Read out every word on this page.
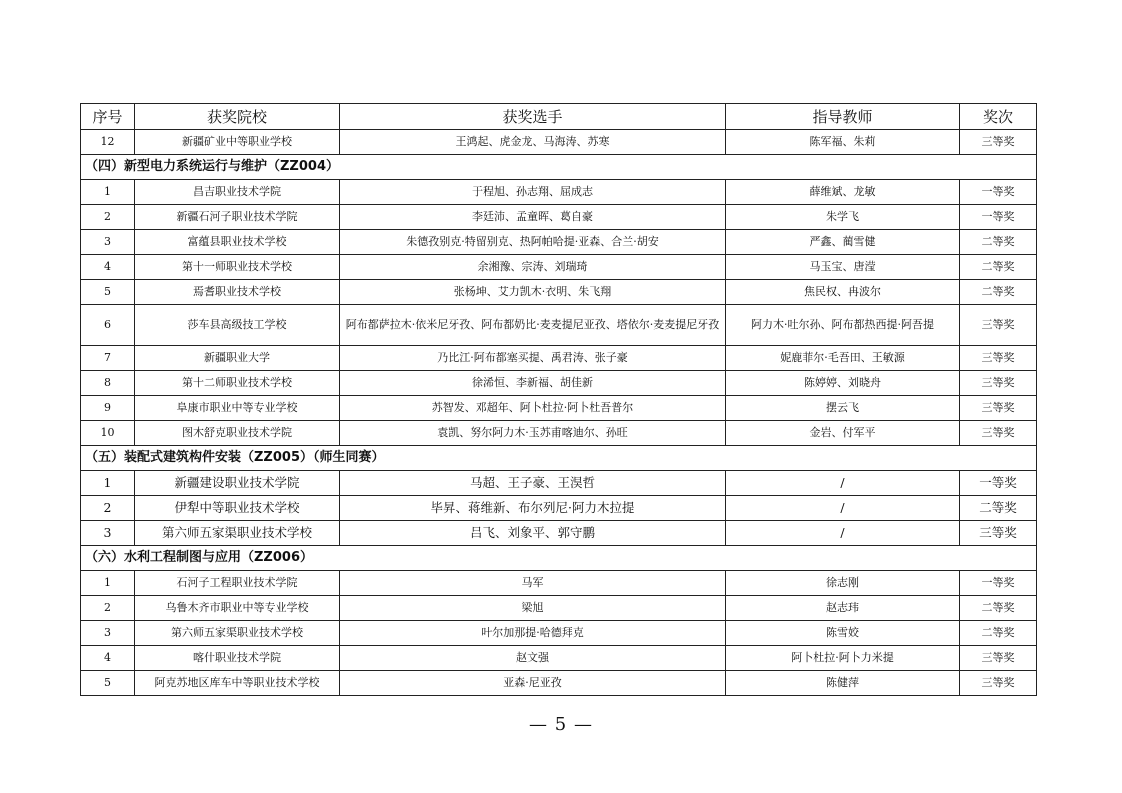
序号	获奖院校	获奖选手	指导教师	奖次
12	新疆矿业中等职业学校	王鸿起、虎金龙、马海涛、苏寒	陈军福、朱莉	三等奖
（四）新型电力系统运行与维护（ZZ004）				
1	昌吉职业技术学院	于程旭、孙志翔、屈成志	薛维斌、龙敏	一等奖
2	新疆石河子职业技术学院	李廷沛、孟童晖、葛自豪	朱学飞	一等奖
3	富蕴县职业技术学校	朱德孜别克·特留别克、热阿帕哈提·亚森、合兰·胡安	严鑫、蔺雪健	二等奖
4	第十一师职业技术学校	余湘豫、宗涛、刘瑞琦	马玉宝、唐滢	二等奖
5	焉耆职业技术学校	张杨坤、艾力凯木·衣明、朱飞翔	焦民权、冉波尔	二等奖
6	莎车县高级技工学校	阿布都萨拉木·依米尼牙孜、阿布都奶比·麦麦提尼亚孜、塔依尔·麦麦提尼牙孜	阿力木·吐尔孙、阿布都热西提·阿吾提	三等奖
7	新疆职业大学	乃比江·阿布都塞买提、禹君涛、张子豪	妮鹿菲尔·毛吾田、王敏源	三等奖
8	第十二师职业技术学校	徐浠恒、李新福、胡佳新	陈婷婷、刘晓舟	三等奖
9	阜康市职业中等专业学校	苏智发、邓超年、阿卜杜拉·阿卜杜吾普尔	摆云飞	三等奖
10	图木舒克职业技术学院	袁凯、努尔阿力木·玉苏甫喀迪尔、孙旺	金岩、付军平	三等奖
（五）装配式建筑构件安装（ZZ005）（师生同赛）				
1	新疆建设职业技术学院	马超、王子豪、王淏哲	/	一等奖
2	伊犁中等职业技术学校	毕昇、蒋维新、布尔列尼·阿力木拉提	/	二等奖
3	第六师五家渠职业技术学校	吕飞、刘象平、郭守鹏	/	三等奖
（六）水利工程制图与应用（ZZ006）				
1	石河子工程职业技术学院	马军	徐志刚	一等奖
2	乌鲁木齐市职业中等专业学校	梁旭	赵志玮	二等奖
3	第六师五家渠职业技术学校	叶尔加那提·哈德拜克	陈雪姣	二等奖
4	喀什职业技术学院	赵文强	阿卜杜拉·阿卜力米提	三等奖
5	阿克苏地区库车中等职业技术学校	亚森·尼亚孜	陈健萍	三等奖
— 5 —
